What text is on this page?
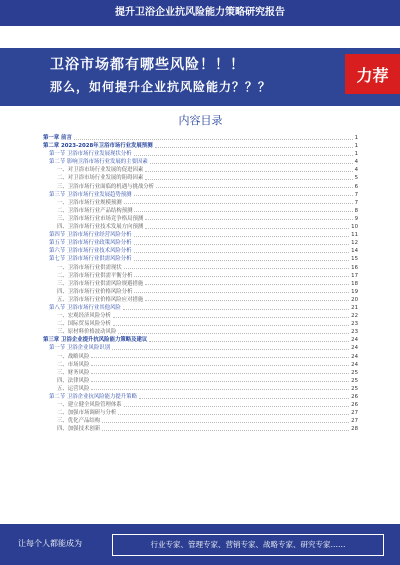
提升卫浴企业抗风险能力策略研究报告
卫浴市场都有哪些风险！！！
那么，如何提升企业抗风险能力？？？
力荐
内容目录
第一章 前言	1
第二章 2023-2028年卫浴市场行业发展预测	1
第一节 卫浴市场行业发展现状分析	1
第二节 影响卫浴市场行业发展的主要因素	4
一、对卫浴市场行业发展的促进因素	4
二、对卫浴市场行业发展的阻碍因素	5
三、卫浴市场行业面临的机遇与挑战分析	6
第三节 卫浴市场行业发展趋势预测	7
一、卫浴市场行业规模预测	7
二、卫浴市场行业产品结构预测	8
三、卫浴市场行业市场竞争格局预测	9
四、卫浴市场行业技术发展方向预测	10
第四节 卫浴市场行业经营风险分析	11
第五节 卫浴市场行业政策风险分析	12
第六节 卫浴市场行业技术风险分析	14
第七节 卫浴市场行业供需风险分析	15
一、卫浴市场行业供需现状	16
二、卫浴市场行业供需平衡分析	17
三、卫浴市场行业供需风险规避措施	18
四、卫浴市场行业价格风险分析	19
五、卫浴市场行业价格风险应对措施	20
第八节 卫浴市场行业其他风险	21
一、宏观经济风险分析	22
二、国际贸易风险分析	23
三、原材料价格波动风险	23
第三章 卫浴企业提升抗风险能力策略及建议	24
第一节 卫浴企业风险识别	24
一、战略风险	24
二、市场风险	24
三、财务风险	25
四、法律风险	25
五、运营风险	25
第二节 卫浴企业抗风险能力提升策略	26
一、建立健全风险管理体系	26
二、加强市场调研与分析	27
三、优化产品结构	27
四、加强技术创新	28
让每个人都能成为	行业专家、管理专家、营销专家、战略专家、研究专家……
